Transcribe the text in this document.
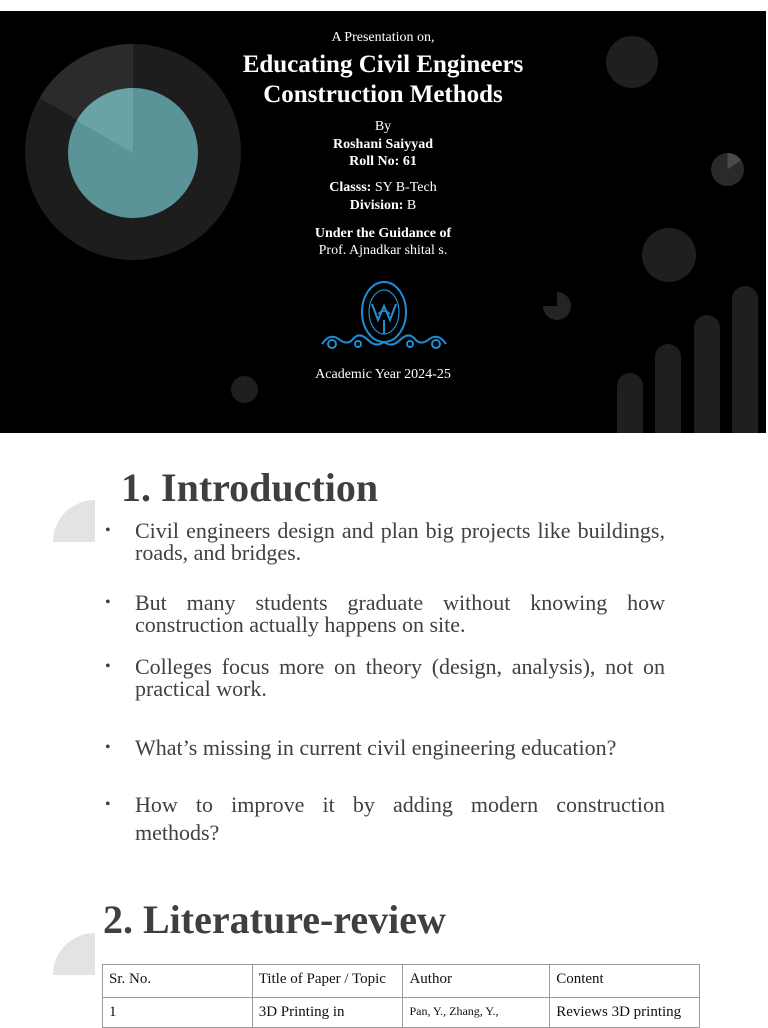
A Presentation on,
Educating Civil Engineers
Construction Methods
By
Roshani Saiyyad
Roll No: 61
Classs: SY B-Tech
Division: B
Under the Guidance of
Prof. Ajnadkar shital s.
Academic Year 2024-25
1. Introduction
• Civil engineers design and plan big projects like buildings, roads, and bridges.
• But many students graduate without knowing how construction actually happens on site.
• Colleges focus more on theory (design, analysis), not on practical work.
• What’s missing in current civil engineering education?
• How to improve it by adding modern construction methods?
2. Literature-review
Sr. No.	Title of Paper / Topic	Author	Content
1	3D Printing in	Pan, Y., Zhang, Y.,	Reviews 3D printing
